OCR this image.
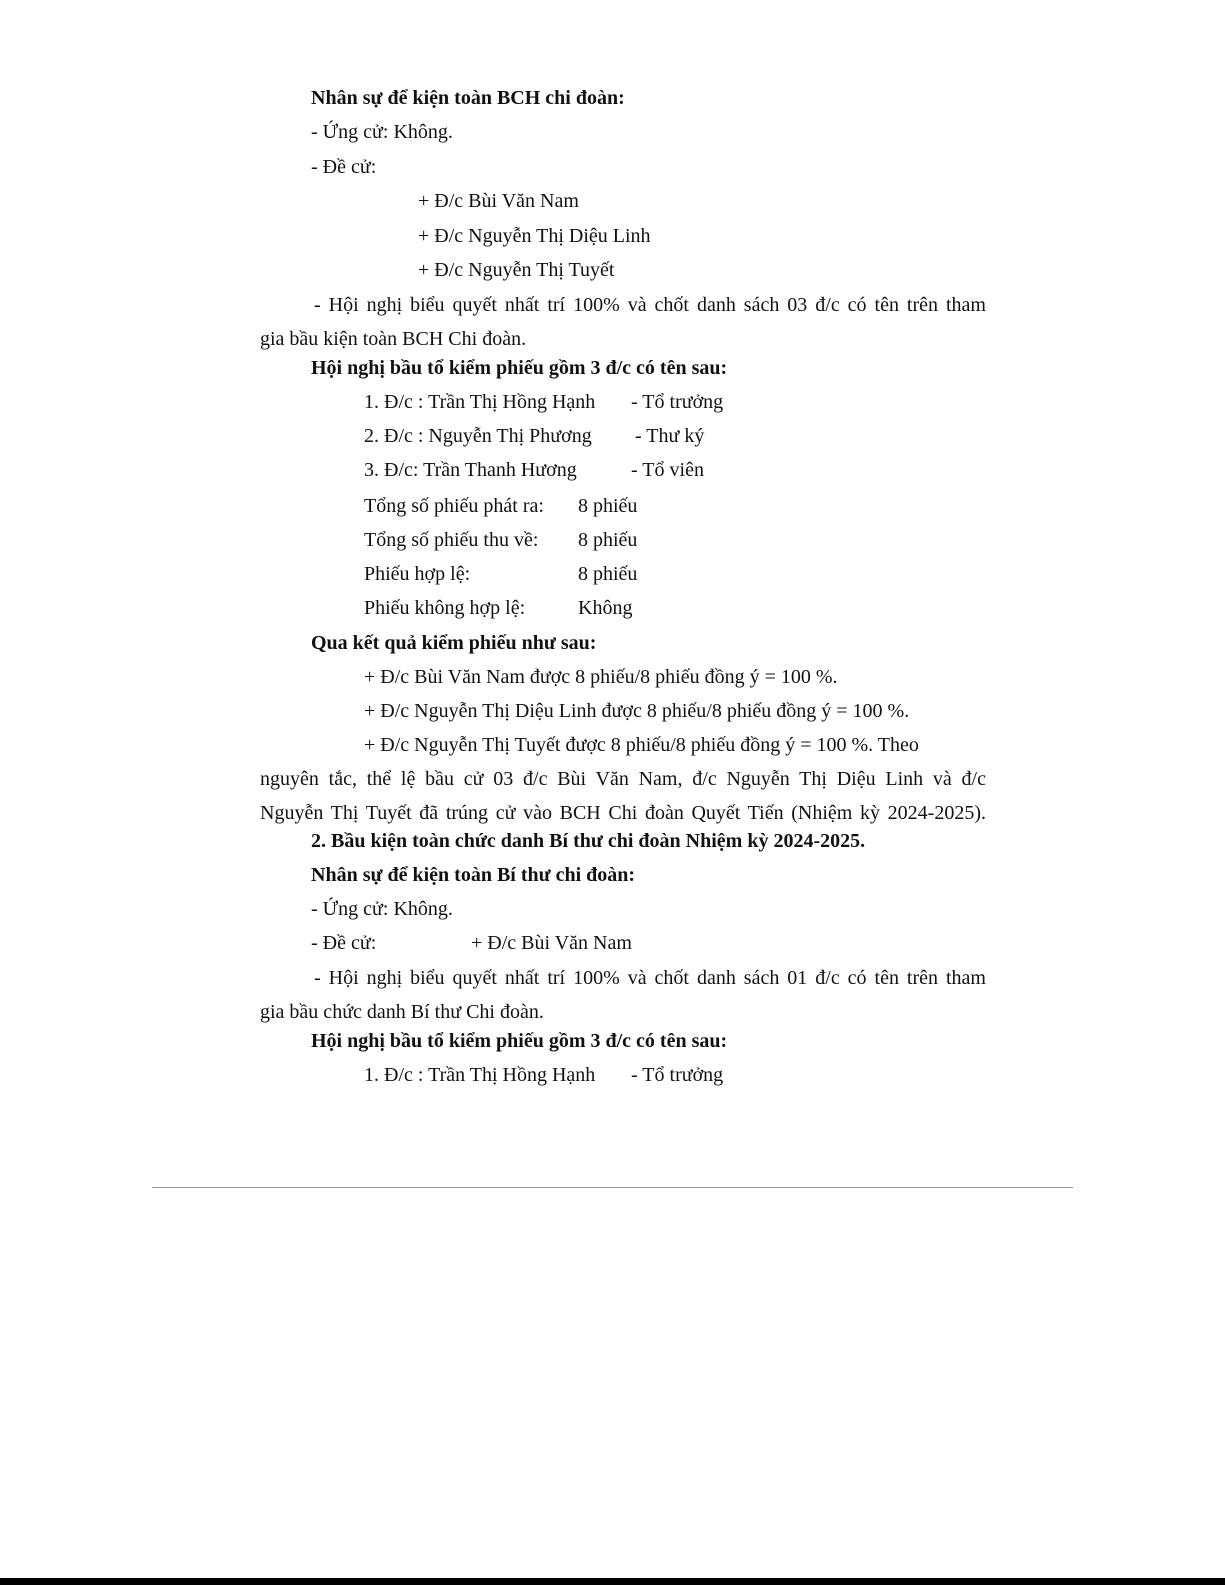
Nhân sự để kiện toàn BCH chi đoàn:
- Ứng cử: Không.
- Đề cử:
+ Đ/c Bùi Văn Nam
+ Đ/c Nguyễn Thị Diệu Linh
+ Đ/c Nguyễn Thị Tuyết
- Hội nghị biểu quyết nhất trí 100% và chốt danh sách 03 đ/c có tên trên tham
gia bầu kiện toàn BCH Chi đoàn.
Hội nghị bầu tổ kiểm phiếu gồm 3 đ/c có tên sau:
1. Đ/c : Trần Thị Hồng Hạnh - Tổ trưởng
2. Đ/c : Nguyễn Thị Phương - Thư ký
3. Đ/c: Trần Thanh Hương	- Tổ viên
Tổng số phiếu phát ra: 8 phiếu
Tổng số phiếu thu về: 8 phiếu
Phiếu hợp lệ:	8 phiếu
Phiếu không hợp lệ:	Không
Qua kết quả kiểm phiếu như sau:
+ Đ/c Bùi Văn Nam được 8 phiếu/8 phiếu đồng ý = 100 %.
+ Đ/c Nguyễn Thị Diệu Linh được 8 phiếu/8 phiếu đồng ý = 100 %.
+ Đ/c Nguyễn Thị Tuyết được 8 phiếu/8 phiếu đồng ý = 100 %. Theo
nguyên tắc, thể lệ bầu cử 03 đ/c Bùi Văn Nam, đ/c Nguyễn Thị Diệu Linh và đ/c
Nguyễn Thị Tuyết đã trúng cử vào BCH Chi đoàn Quyết Tiến (Nhiệm kỳ 2024-2025).
2. Bầu kiện toàn chức danh Bí thư chi đoàn Nhiệm kỳ 2024-2025.
Nhân sự để kiện toàn Bí thư chi đoàn:
- Ứng cử: Không.
- Đề cử:	+ Đ/c Bùi Văn Nam
- Hội nghị biểu quyết nhất trí 100% và chốt danh sách 01 đ/c có tên trên tham
gia bầu chức danh Bí thư Chi đoàn.
Hội nghị bầu tổ kiểm phiếu gồm 3 đ/c có tên sau:
1. Đ/c : Trần Thị Hồng Hạnh - Tổ trưởng
